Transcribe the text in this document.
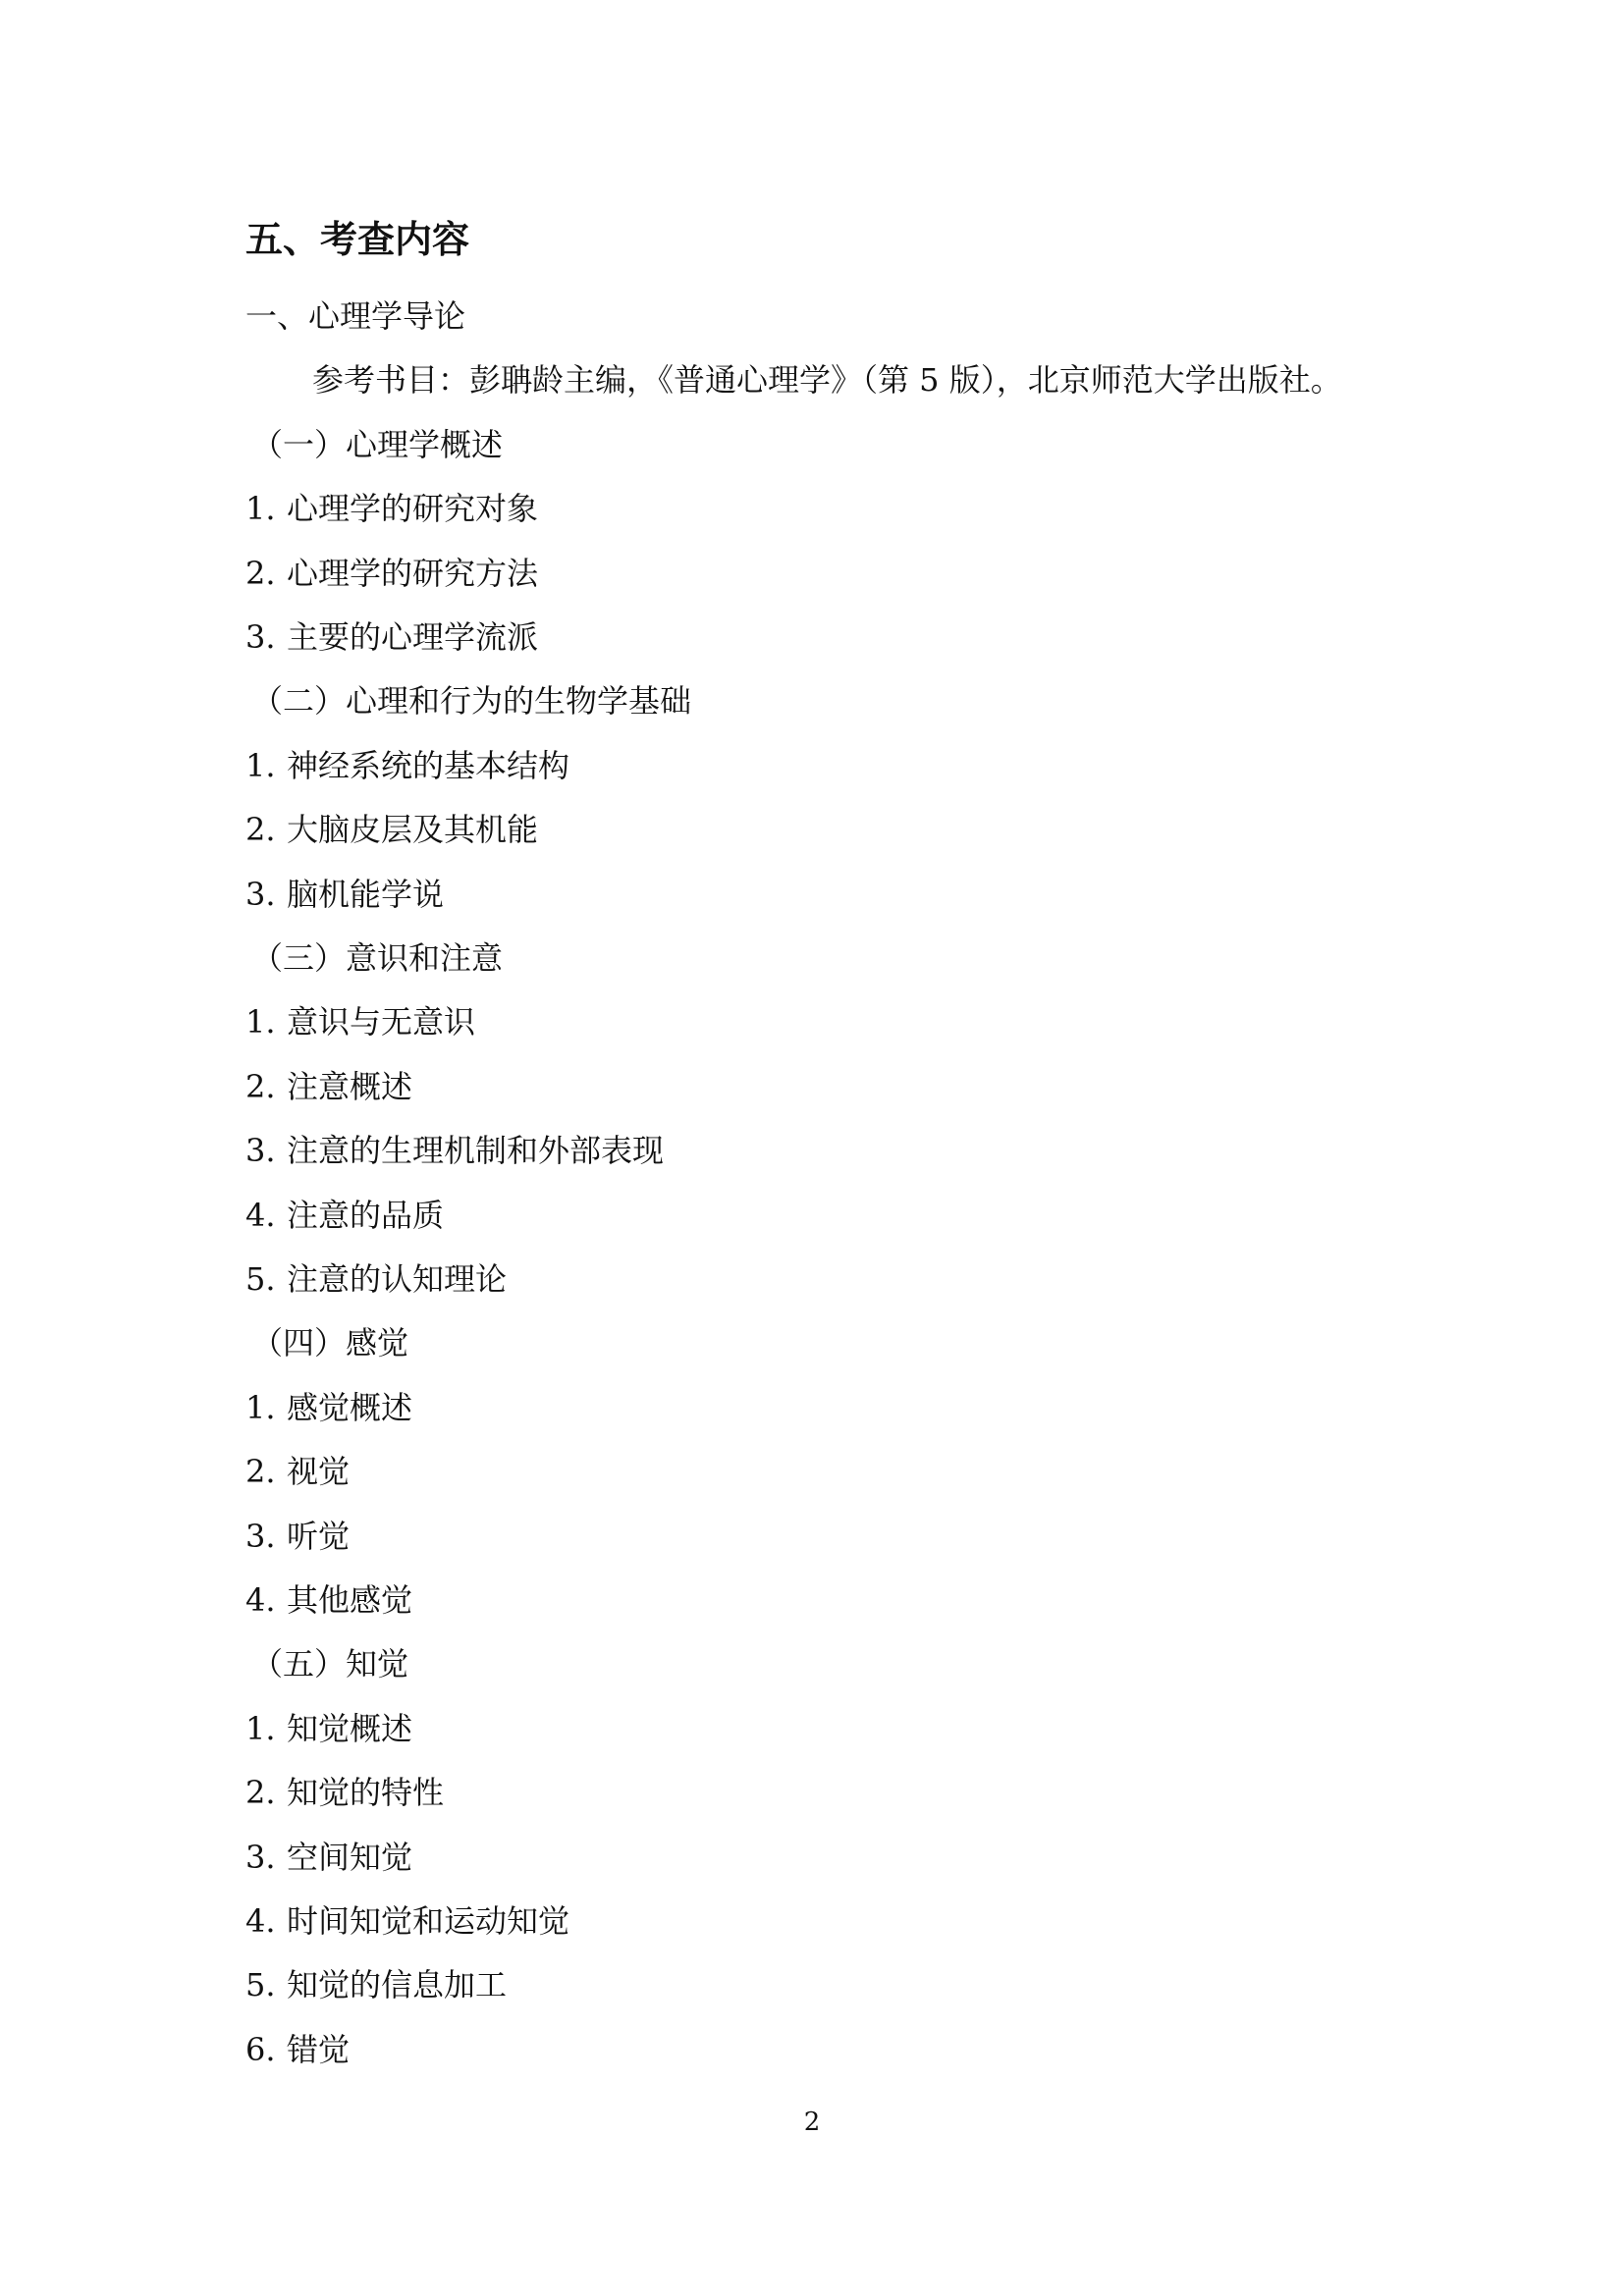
五、考查内容
一、心理学导论
参考书目：彭聃龄主编，《普通心理学》（第 5 版），北京师范大学出版社。
（一）心理学概述
1. 心理学的研究对象
2. 心理学的研究方法
3. 主要的心理学流派
（二）心理和行为的生物学基础
1. 神经系统的基本结构
2. 大脑皮层及其机能
3. 脑机能学说
（三）意识和注意
1. 意识与无意识
2. 注意概述
3. 注意的生理机制和外部表现
4. 注意的品质
5. 注意的认知理论
（四）感觉
1. 感觉概述
2. 视觉
3. 听觉
4. 其他感觉
（五）知觉
1. 知觉概述
2. 知觉的特性
3. 空间知觉
4. 时间知觉和运动知觉
5. 知觉的信息加工
6. 错觉
2
